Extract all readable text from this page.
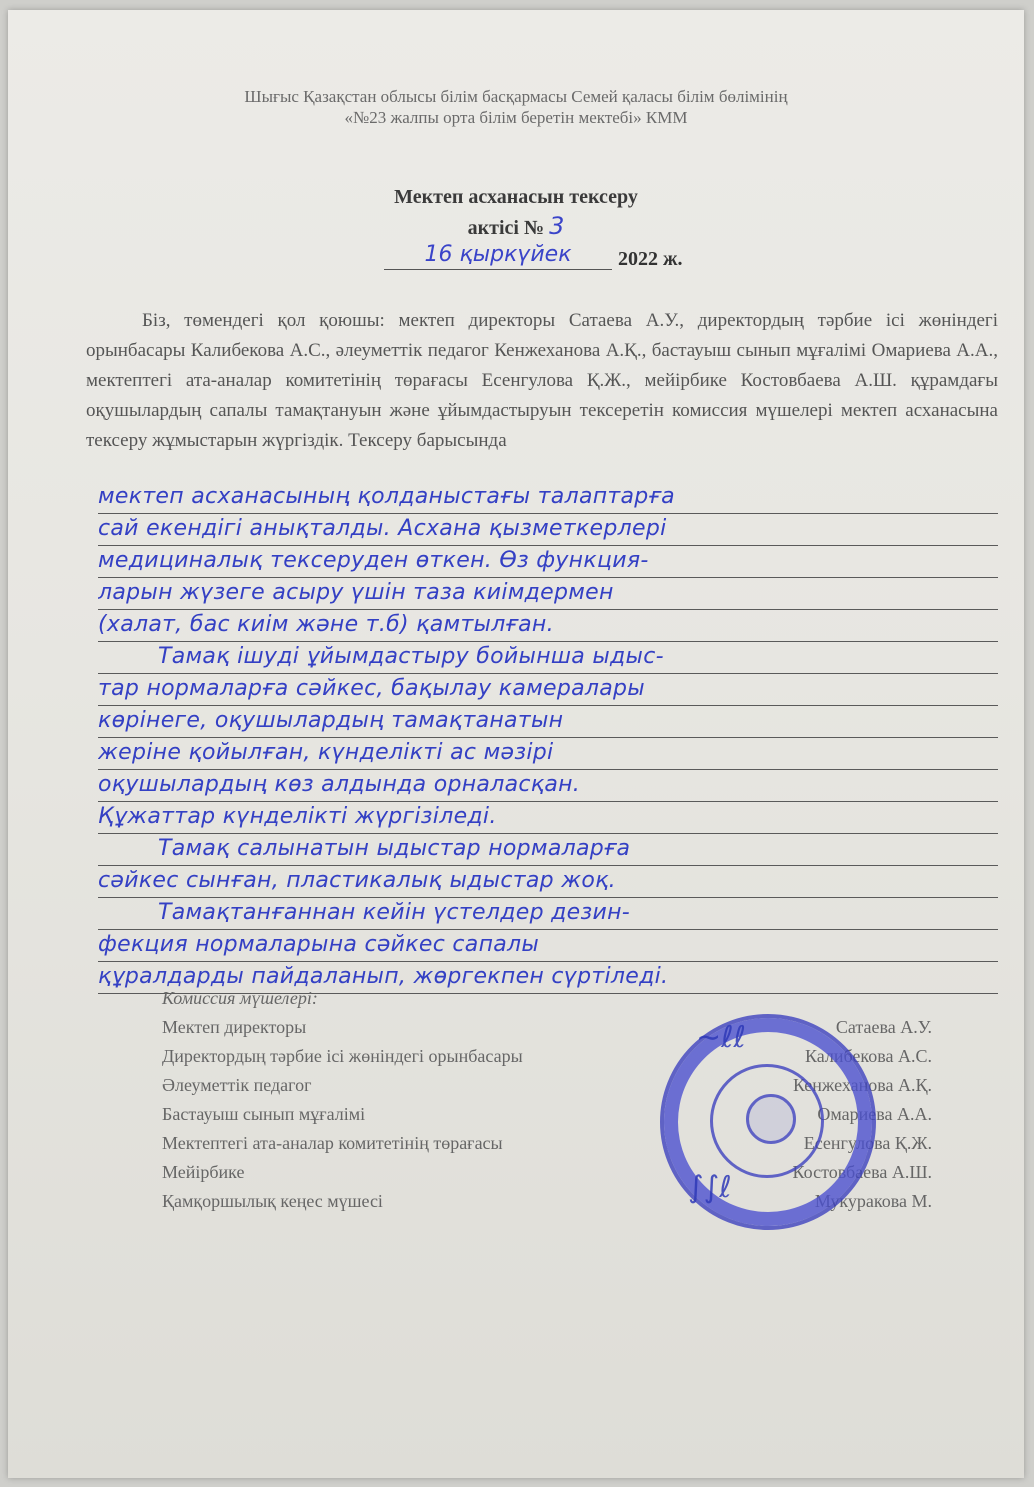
Шығыс Қазақстан облысы білім басқармасы Семей қаласы білім бөлімінің
«№23 жалпы орта білім беретін мектебі» КММ
Мектеп асханасын тексеру
актісі № 3
16 қыркүйек	2022 ж.
Біз, төмендегі қол қоюшы: мектеп директоры Сатаева А.У., директордың тәрбие ісі жөніндегі орынбасары Калибекова А.С., әлеуметтік педагог Кенжеханова А.Қ., бастауыш сынып мұғалімі Омариева А.А., мектептегі ата-аналар комитетінің төрағасы Есенгулова Қ.Ж., мейірбике Костовбаева А.Ш. құрамдағы оқушылардың сапалы тамақтануын және ұйымдастыруын тексеретін комиссия мүшелері мектеп асханасына тексеру жұмыстарын жүргіздік. Тексеру барысында
мектеп асханасының қолданыстағы талаптарға
сай екендігі анықталды. Асхана қызметкерлері
медициналық тексеруден өткен. Өз функция-
ларын жүзеге асыру үшін таза киімдермен
(халат, бас киім және т.б) қамтылған.
Тамақ ішуді ұйымдастыру бойынша ыдыс-
тар нормаларға сәйкес, бақылау камералары
көрінеге, оқушылардың тамақтанатын
жеріне қойылған, күнделікті ас мәзірі
оқушылардың көз алдында орналасқан.
Құжаттар күнделікті жүргізіледі.
Тамақ салынатын ыдыстар нормаларға
сәйкес сынған, пластикалық ыдыстар жоқ.
Тамақтанғаннан кейін үстелдер дезин-
фекция нормаларына сәйкес сапалы
құралдарды пайдаланып, жөргекпен сүртіледі.
Комиссия мүшелері:
Мектеп директоры	Сатаева А.У.
Директордың тәрбие ісі жөніндегі орынбасары	Калибекова А.С.
Әлеуметтік педагог	Кенжеханова А.Қ.
Бастауыш сынып мұғалімі	Омариева А.А.
Мектептегі ата-аналар комитетінің төрағасы	Есенгулова Қ.Ж.
Мейірбике	Костовбаева А.Ш.
Қамқоршылық кеңес мүшесі	Мукуракова М.
∼ℓℓ
∫∫ℓ
